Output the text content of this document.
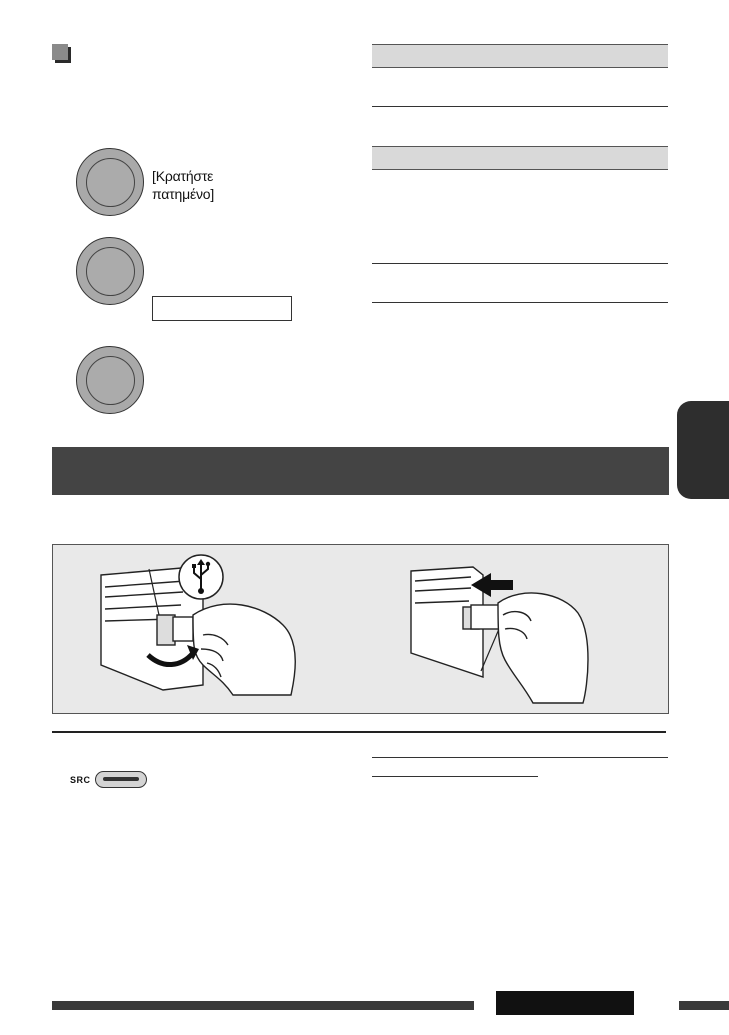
[Κρατήστε
πατημένο]
SRC
